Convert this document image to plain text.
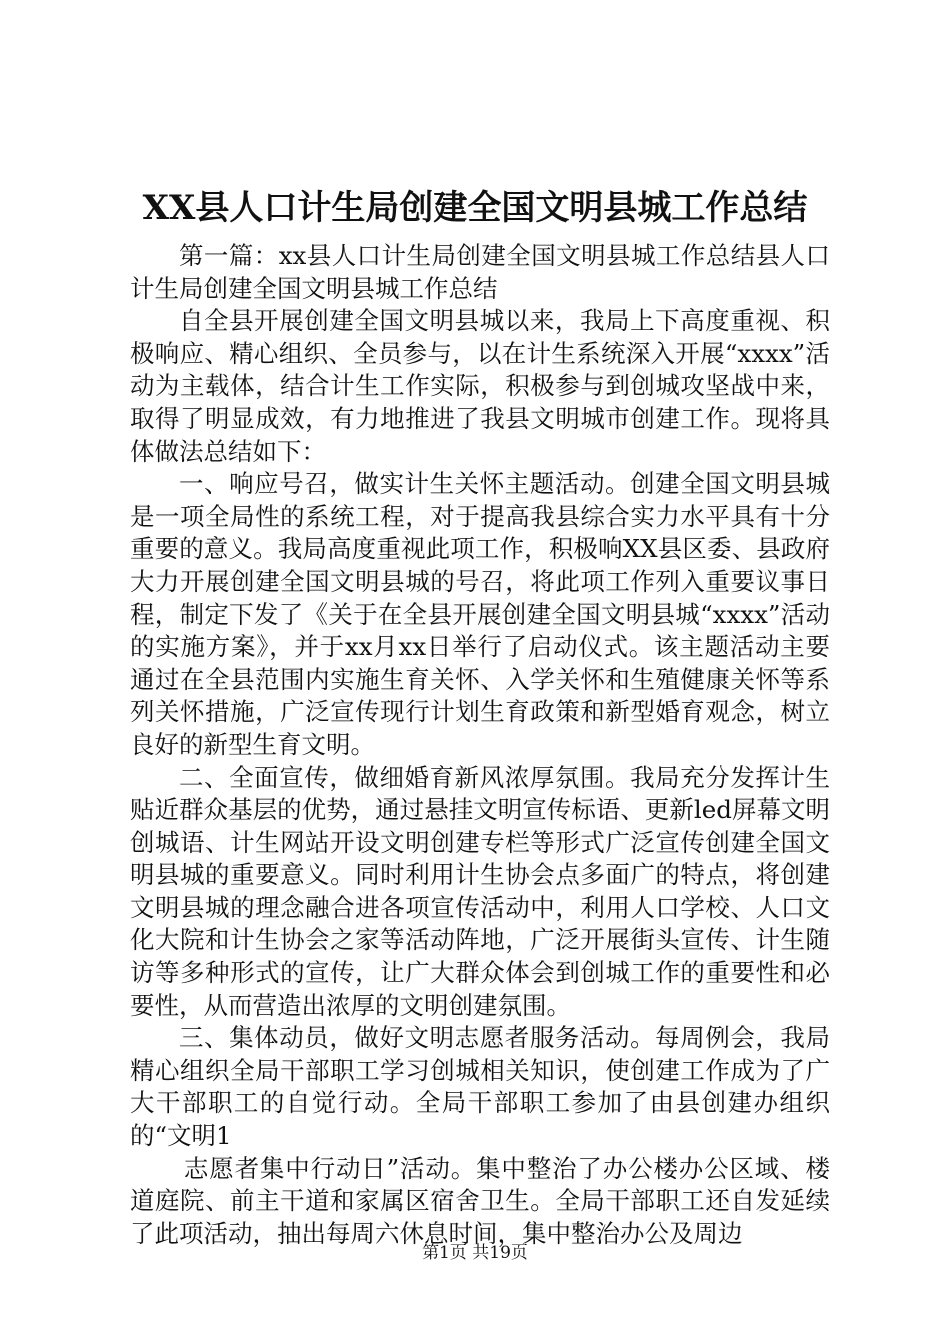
XX县人口计生局创建全国文明县城工作总结

第一篇：xx县人口计生局创建全国文明县城工作总结县人口计生局创建全国文明县城工作总结

自全县开展创建全国文明县城以来，我局上下高度重视、积极响应、精心组织、全员参与，以在计生系统深入开展“xxxx”活动为主载体，结合计生工作实际，积极参与到创城攻坚战中来，取得了明显成效，有力地推进了我县文明城市创建工作。现将具体做法总结如下：

一、响应号召，做实计生关怀主题活动。创建全国文明县城是一项全局性的系统工程，对于提高我县综合实力水平具有十分重要的意义。我局高度重视此项工作，积极响XX县区委、县政府大力开展创建全国文明县城的号召，将此项工作列入重要议事日程，制定下发了《关于在全县开展创建全国文明县城“xxxx”活动的实施方案》，并于xx月xx日举行了启动仪式。该主题活动主要通过在全县范围内实施生育关怀、入学关怀和生殖健康关怀等系列关怀措施，广泛宣传现行计划生育政策和新型婚育观念，树立良好的新型生育文明。

二、全面宣传，做细婚育新风浓厚氛围。我局充分发挥计生贴近群众基层的优势，通过悬挂文明宣传标语、更新led屏幕文明创城语、计生网站开设文明创建专栏等形式广泛宣传创建全国文明县城的重要意义。同时利用计生协会点多面广的特点，将创建文明县城的理念融合进各项宣传活动中，利用人口学校、人口文化大院和计生协会之家等活动阵地，广泛开展街头宣传、计生随访等多种形式的宣传，让广大群众体会到创城工作的重要性和必要性，从而营造出浓厚的文明创建氛围。

三、集体动员，做好文明志愿者服务活动。每周例会，我局精心组织全局干部职工学习创城相关知识，使创建工作成为了广大干部职工的自觉行动。全局干部职工参加了由县创建办组织的“文明1

志愿者集中行动日”活动。集中整治了办公楼办公区域、楼道庭院、前主干道和家属区宿舍卫生。全局干部职工还自发延续了此项活动，抽出每周六休息时间，集中整治办公及周边

第1页 共19页
